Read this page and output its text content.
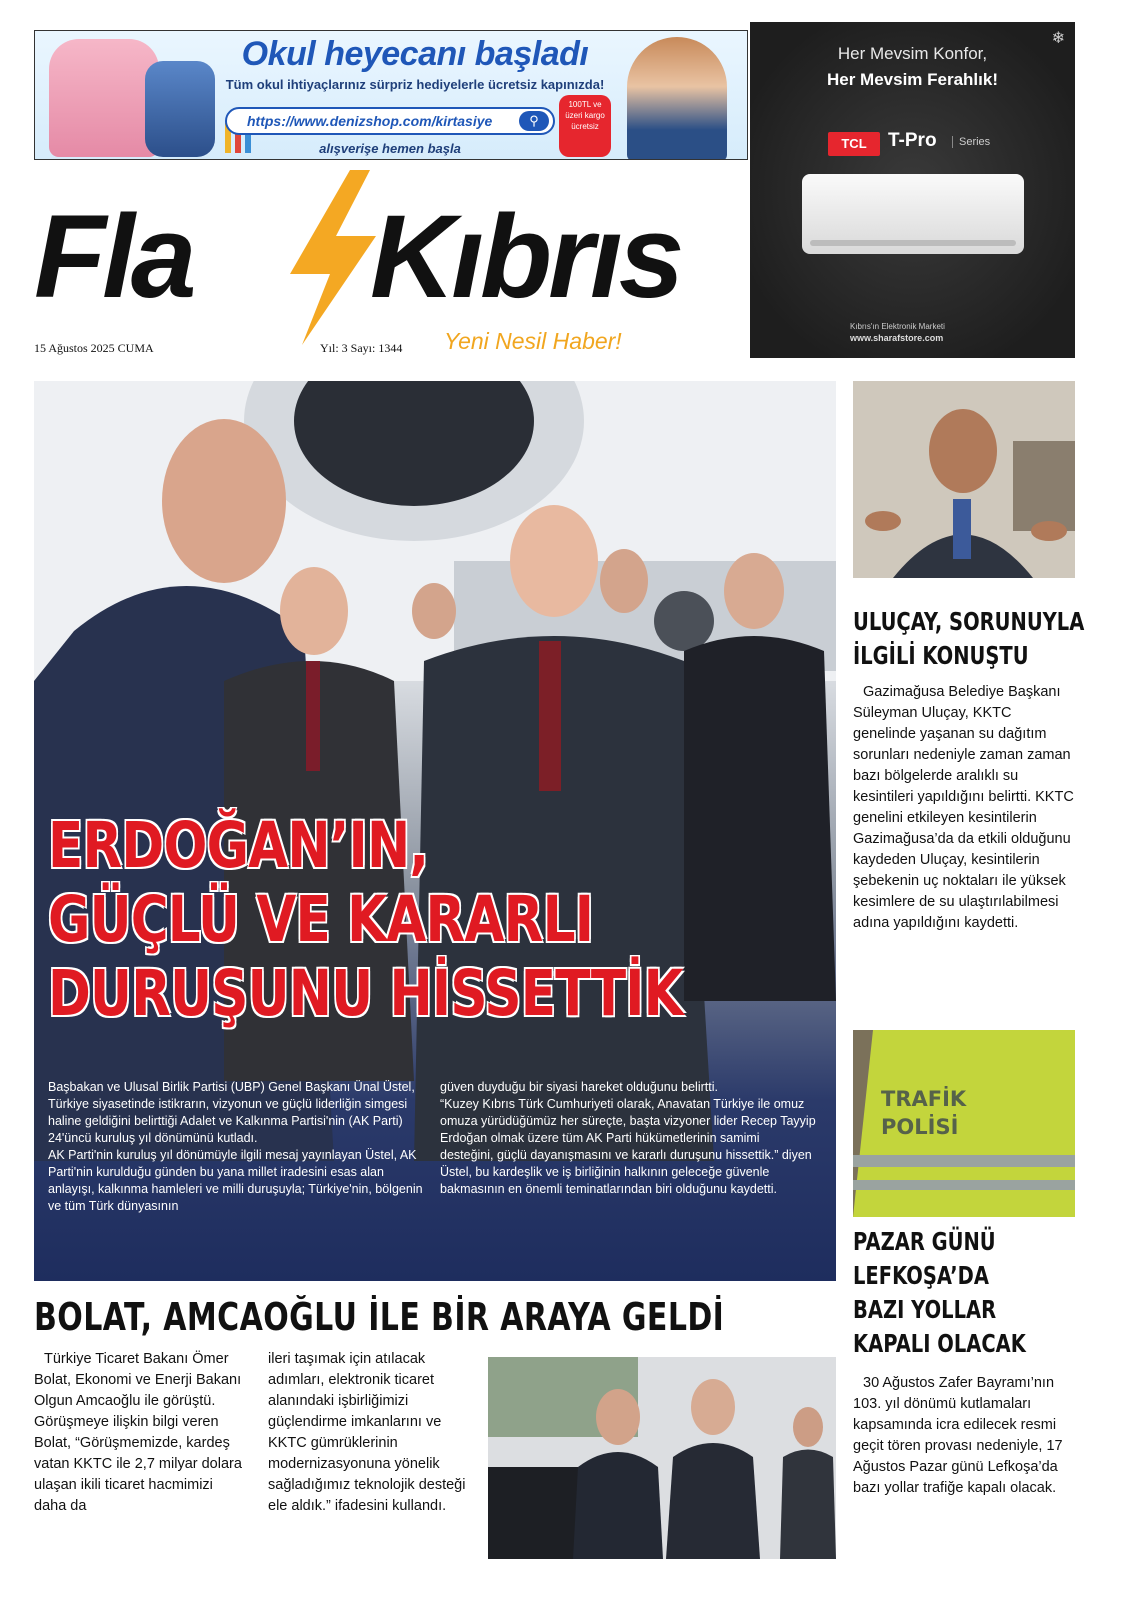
Okul heyecanı başladı
Tüm okul ihtiyaçlarınız sürpriz hediyelerle ücretsiz kapınızda!
https://www.denizshop.com/kirtasiye	⚲
alışverişe hemen başla
100TL ve üzeri kargo ücretsiz
❄
Her Mevsim Konfor,
Her Mevsim Ferahlık!
TCL	T-Pro	Series
Kıbrıs'ın Elektronik Marketi
www.sharafstore.com
Fla Kıbrıs
Yeni Nesil Haber!
15 Ağustos 2025 CUMA	Yıl: 3 Sayı: 1344
ERDOĞAN’IN,
GÜÇLÜ VE KARARLI
DURUŞUNU HİSSETTİK

Başbakan ve Ulusal Birlik Partisi (UBP) Genel Başkanı Ünal Üstel, Türkiye siyasetinde istikrarın, vizyonun ve güçlü liderliğin simgesi haline geldiğini belirttiği Adalet ve Kalkınma Partisi'nin (AK Parti) 24'üncü kuruluş yıl dönümünü kutladı.

AK Parti'nin kuruluş yıl dönümüyle ilgili mesaj yayınlayan Üstel, AK Parti'nin kurulduğu günden bu yana millet iradesini esas alan anlayışı, kalkınma hamleleri ve milli duruşuyla; Türkiye'nin, bölgenin ve tüm Türk dünyasının

güven duyduğu bir siyasi hareket olduğunu belirtti.

“Kuzey Kıbrıs Türk Cumhuriyeti olarak, Anavatan Türkiye ile omuz omuza yürüdüğümüz her süreçte, başta vizyoner lider Recep Tayyip Erdoğan olmak üzere tüm AK Parti hükümetlerinin samimi desteğini, güçlü dayanışmasını ve kararlı duruşunu hissettik.” diyen Üstel, bu kardeşlik ve iş birliğinin halkının geleceğe güvenle bakmasının en önemli teminatlarından biri olduğunu kaydetti.

ULUÇAY, SORUNUYLA
İLGİLİ KONUŞTU

Gazimağusa Belediye Başkanı Süleyman Uluçay, KKTC genelinde yaşanan su dağıtım sorunları nedeniyle zaman zaman bazı bölgelerde aralıklı su kesintileri yapıldığını belirtti. KKTC genelini etkileyen kesintilerin Gazimağusa’da da etkili olduğunu kaydeden Uluçay, kesintilerin şebekenin uç noktaları ile yüksek kesimlere de su ulaştırılabilmesi adına yapıldığını kaydetti.

TRAFİK
POLİSİ
PAZAR GÜNÜ
LEFKOŞA’DA
BAZI YOLLAR
KAPALI OLACAK

30 Ağustos Zafer Bayramı’nın 103. yıl dönümü kutlamaları kapsamında icra edilecek resmi geçit tören provası nedeniyle, 17 Ağustos Pazar günü Lefkoşa’da bazı yollar trafiğe kapalı olacak.

BOLAT, AMCAOĞLU İLE BİR ARAYA GELDİ

Türkiye Ticaret Bakanı Ömer Bolat, Ekonomi ve Enerji Bakanı Olgun Amcaoğlu ile görüştü. Görüşmeye ilişkin bilgi veren Bolat, “Görüşmemizde, kardeş vatan KKTC ile 2,7 milyar dolara ulaşan ikili ticaret hacmimizi daha da

ileri taşımak için atılacak adımları, elektronik ticaret alanındaki işbirliğimizi güçlendirme imkanlarını ve KKTC gümrüklerinin modernizasyonuna yönelik sağladığımız teknolojik desteği ele aldık.” ifadesini kullandı.
